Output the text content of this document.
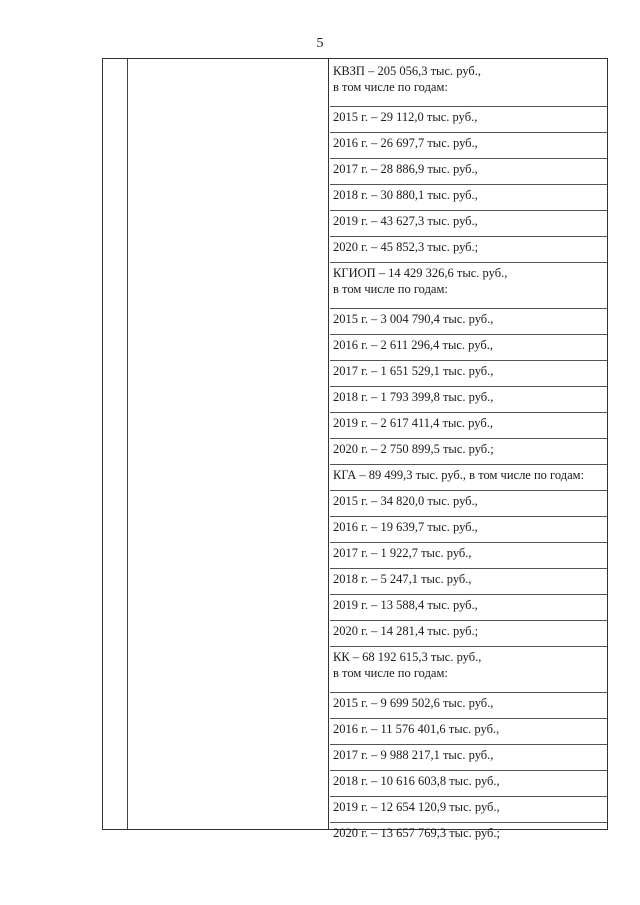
5
КВЗП – 205 056,3 тыс. руб.,
в том числе по годам:
2015 г. – 29 112,0 тыс. руб.,
2016 г. – 26 697,7 тыс. руб.,
2017 г. – 28 886,9 тыс. руб.,
2018 г. – 30 880,1 тыс. руб.,
2019 г. – 43 627,3 тыс. руб.,
2020 г. – 45 852,3 тыс. руб.;
КГИОП – 14 429 326,6 тыс. руб.,
в том числе по годам:
2015 г. – 3 004 790,4 тыс. руб.,
2016 г. – 2 611 296,4 тыс. руб.,
2017 г. – 1 651 529,1 тыс. руб.,
2018 г. – 1 793 399,8 тыс. руб.,
2019 г. – 2 617 411,4 тыс. руб.,
2020 г. – 2 750 899,5 тыс. руб.;
КГА – 89 499,3 тыс. руб., в том числе по годам:
2015 г. – 34 820,0 тыс. руб.,
2016 г. – 19 639,7 тыс. руб.,
2017 г. – 1 922,7 тыс. руб.,
2018 г. – 5 247,1 тыс. руб.,
2019 г. – 13 588,4 тыс. руб.,
2020 г. – 14 281,4 тыс. руб.;
КК – 68 192 615,3 тыс. руб.,
в том числе по годам:
2015 г. – 9 699 502,6 тыс. руб.,
2016 г. – 11 576 401,6 тыс. руб.,
2017 г. – 9 988 217,1 тыс. руб.,
2018 г. – 10 616 603,8 тыс. руб.,
2019 г. – 12 654 120,9 тыс. руб.,
2020 г. – 13 657 769,3 тыс. руб.;
